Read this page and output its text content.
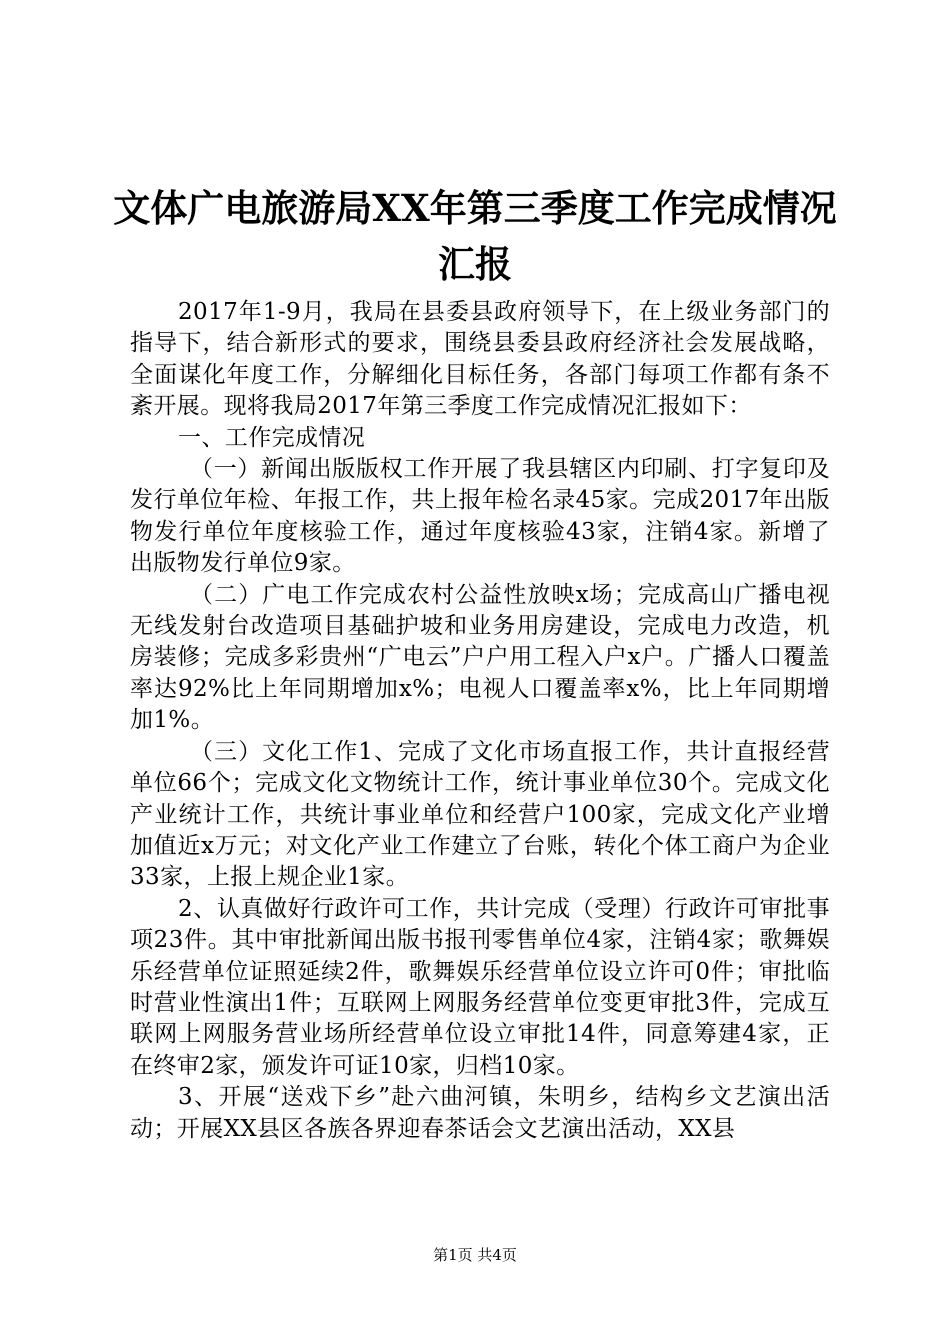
文体广电旅游局XX年第三季度工作完成情况
汇报

2017年1-9月，我局在县委县政府领导下，在上级业务部门的指导下，结合新形式的要求，围绕县委县政府经济社会发展战略，全面谋化年度工作，分解细化目标任务，各部门每项工作都有条不紊开展。现将我局2017年第三季度工作完成情况汇报如下：

一、工作完成情况

（一）新闻出版版权工作开展了我县辖区内印刷、打字复印及发行单位年检、年报工作，共上报年检名录45家。完成2017年出版物发行单位年度核验工作，通过年度核验43家，注销4家。新增了出版物发行单位9家。

（二）广电工作完成农村公益性放映x场；完成高山广播电视无线发射台改造项目基础护坡和业务用房建设，完成电力改造，机房装修；完成多彩贵州“广电云”户户用工程入户x户。广播人口覆盖率达92%比上年同期增加x%；电视人口覆盖率x%，比上年同期增加1%。

（三）文化工作1、完成了文化市场直报工作，共计直报经营单位66个；完成文化文物统计工作，统计事业单位30个。完成文化产业统计工作，共统计事业单位和经营户100家，完成文化产业增加值近x万元；对文化产业工作建立了台账，转化个体工商户为企业33家，上报上规企业1家。

2、认真做好行政许可工作，共计完成（受理）行政许可审批事项23件。其中审批新闻出版书报刊零售单位4家，注销4家；歌舞娱乐经营单位证照延续2件，歌舞娱乐经营单位设立许可0件；审批临时营业性演出1件；互联网上网服务经营单位变更审批3件，完成互联网上网服务营业场所经营单位设立审批14件，同意筹建4家，正在终审2家，颁发许可证10家，归档10家。

3、开展“送戏下乡”赴六曲河镇，朱明乡，结构乡文艺演出活动；开展XX县区各族各界迎春茶话会文艺演出活动，XX县

第1页 共4页
